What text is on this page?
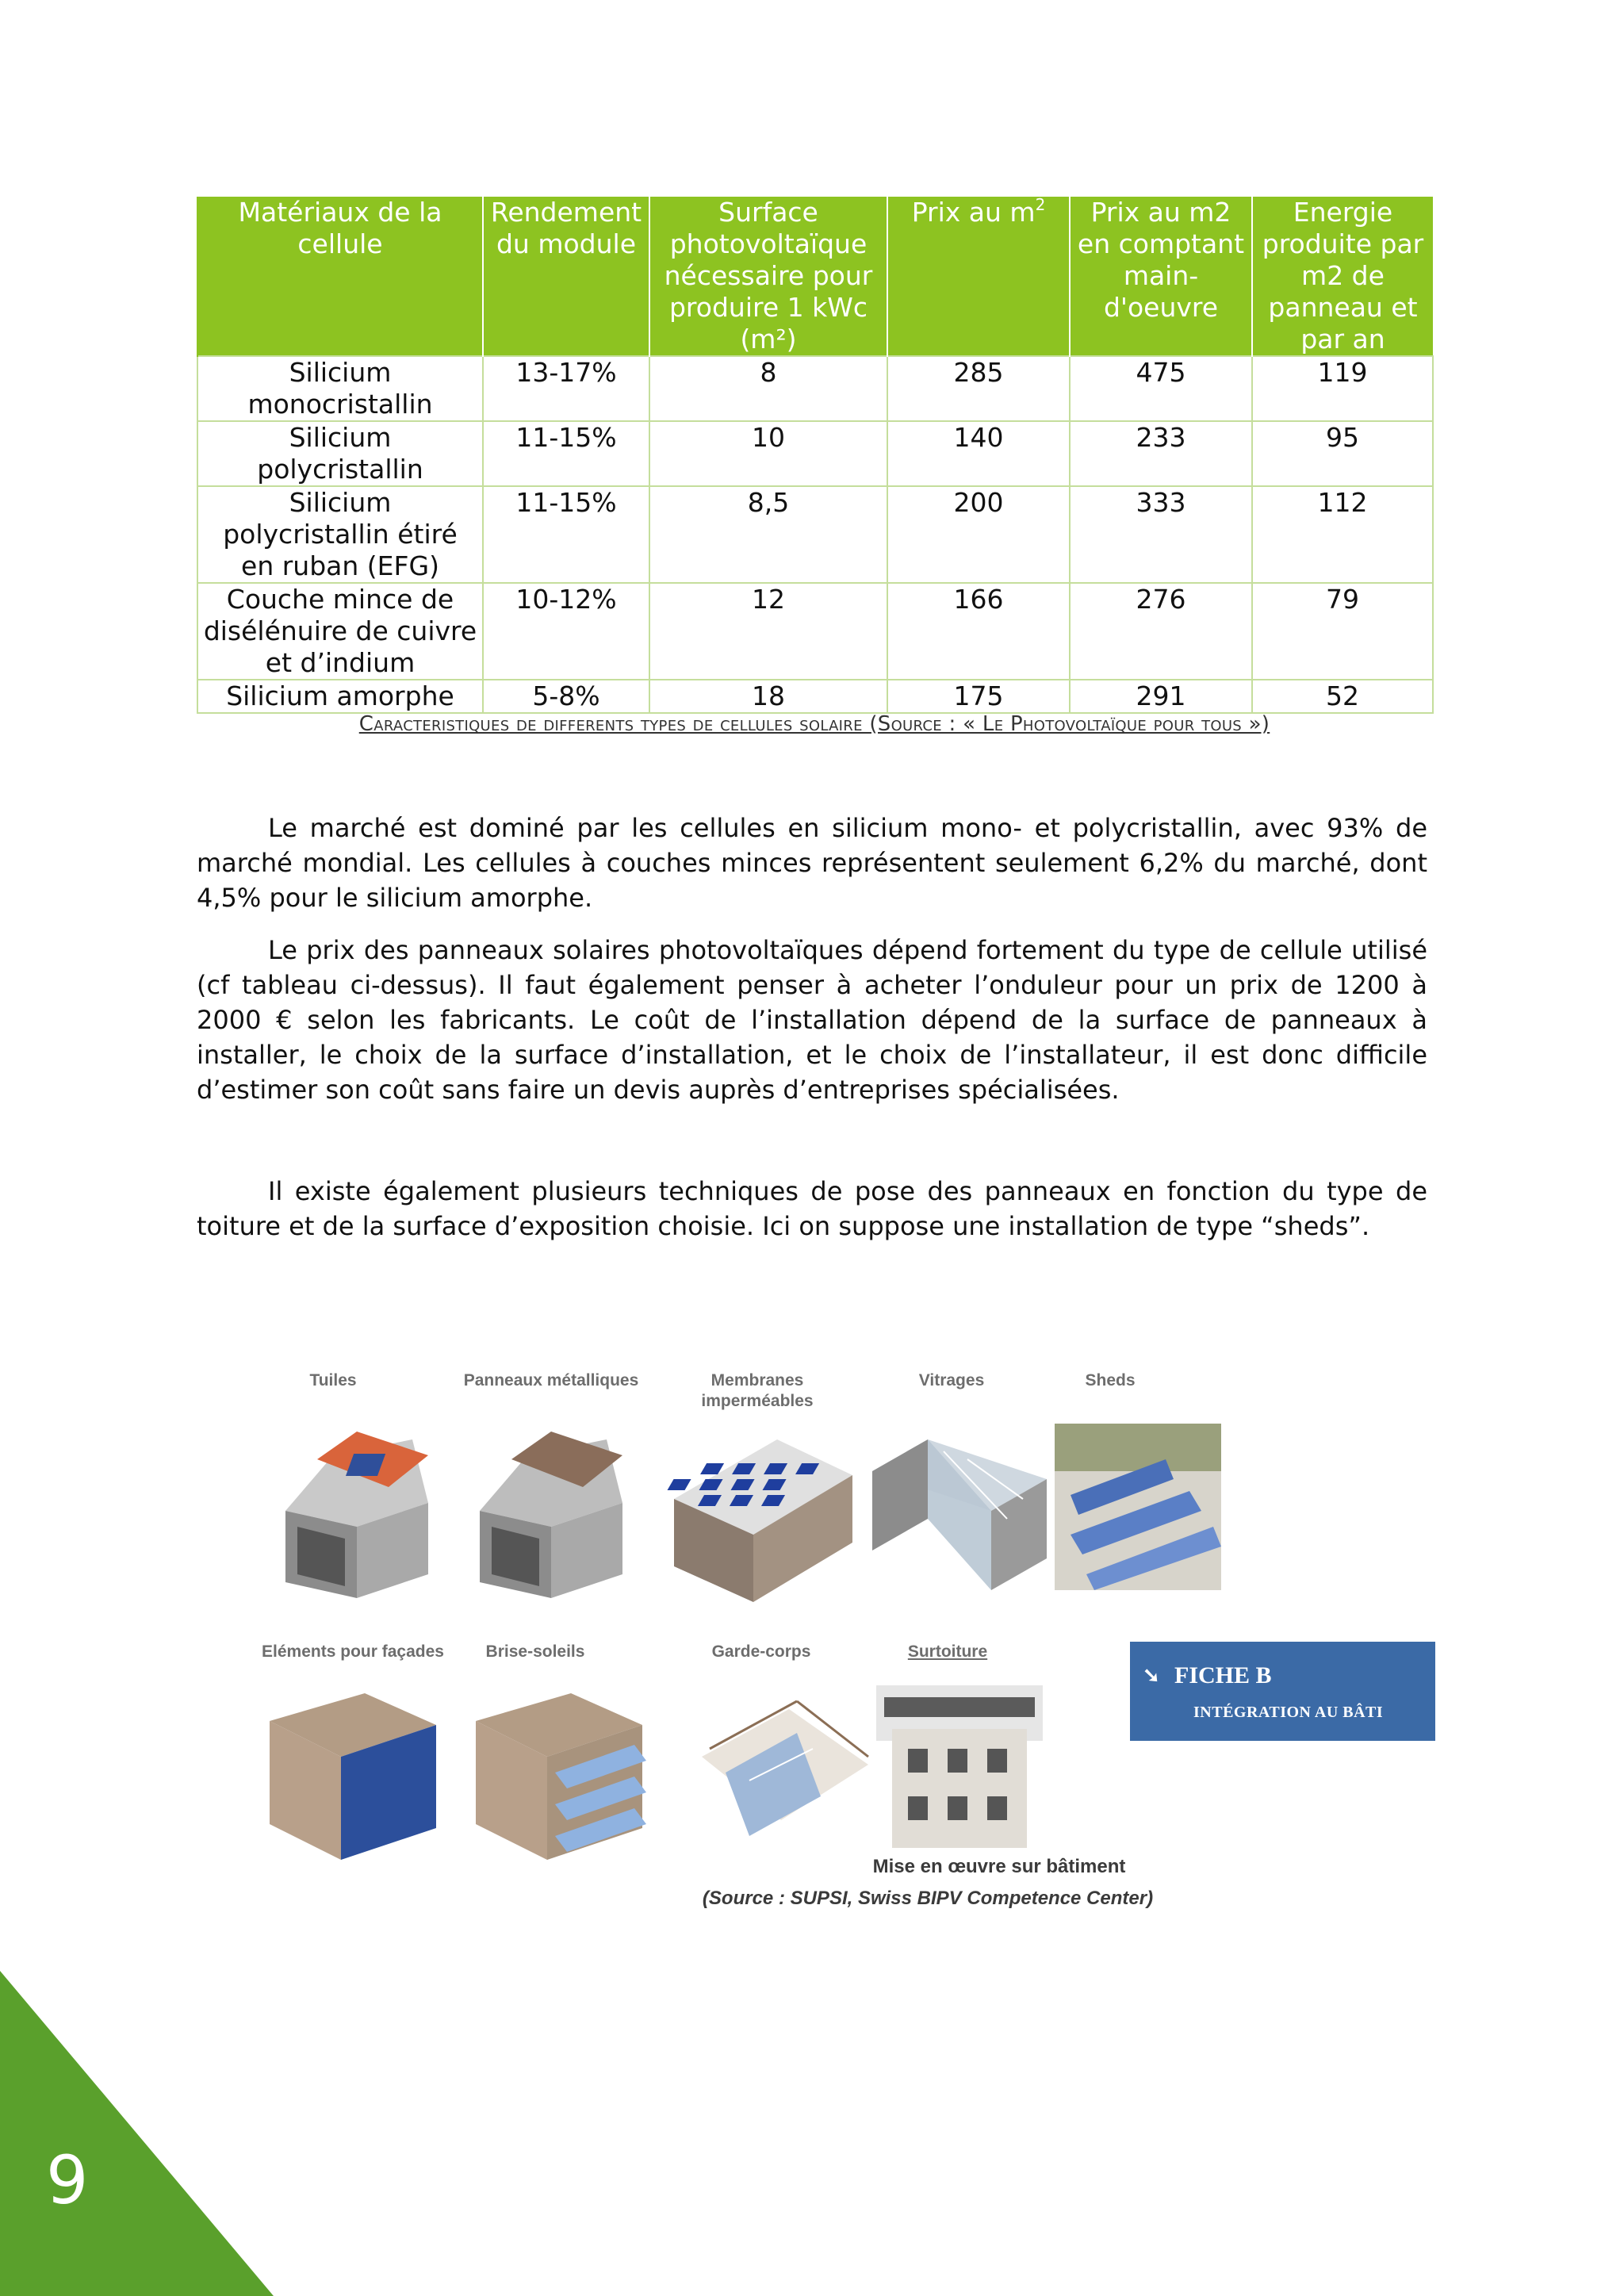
Matériaux de la cellule	Rendement du module	Surface photovoltaïque nécessaire pour produire 1 kWc (m²)	Prix au $m^2$	Prix au m2 en comptant main-d'oeuvre	Energie produite par m2 de panneau et par an
Silicium monocristallin	13-17%	8	285	475	119
Silicium polycristallin	11-15%	10	140	233	95
Silicium polycristallin étiré en ruban (EFG)	11-15%	8,5	200	333	112
Couche mince de disélénuire de cuivre et d’indium	10-12%	12	166	276	79
Silicium amorphe	5-8%	18	175	291	52
Caracteristiques de differents types de cellules solaire (Source : « Le Photovoltaïque pour tous »)

Le marché est dominé par les cellules en silicium mono- et polycristallin, avec 93% de marché mondial. Les cellules à couches minces représentent seulement 6,2% du marché, dont 4,5% pour le silicium amorphe.

Le prix des panneaux solaires photovoltaïques dépend fortement du type de cellule utilisé (cf tableau ci-dessus). Il faut également penser à acheter l’onduleur pour un prix de 1200 à 2000 € selon les fabricants. Le coût de l’installation dépend de la surface de panneaux à installer, le choix de la surface d’installation, et le choix de l’installateur, il est donc difficile d’estimer son coût sans faire un devis auprès d’entreprises spécialisées.

Il existe également plusieurs techniques de pose des panneaux en fonction du type de toiture et de la surface d’exposition choisie. Ici on suppose une installation de type “sheds”.

Tuiles	Panneaux métalliques	Membranes imperméables
Vitrages	Sheds
Eléments pour façades	Brise-soleils	Garde-corps	Surtoiture
➘ FICHE B
INTÉGRATION AU BÂTI
Mise en œuvre sur bâtiment
(Source : SUPSI, Swiss BIPV Competence Center)
9
